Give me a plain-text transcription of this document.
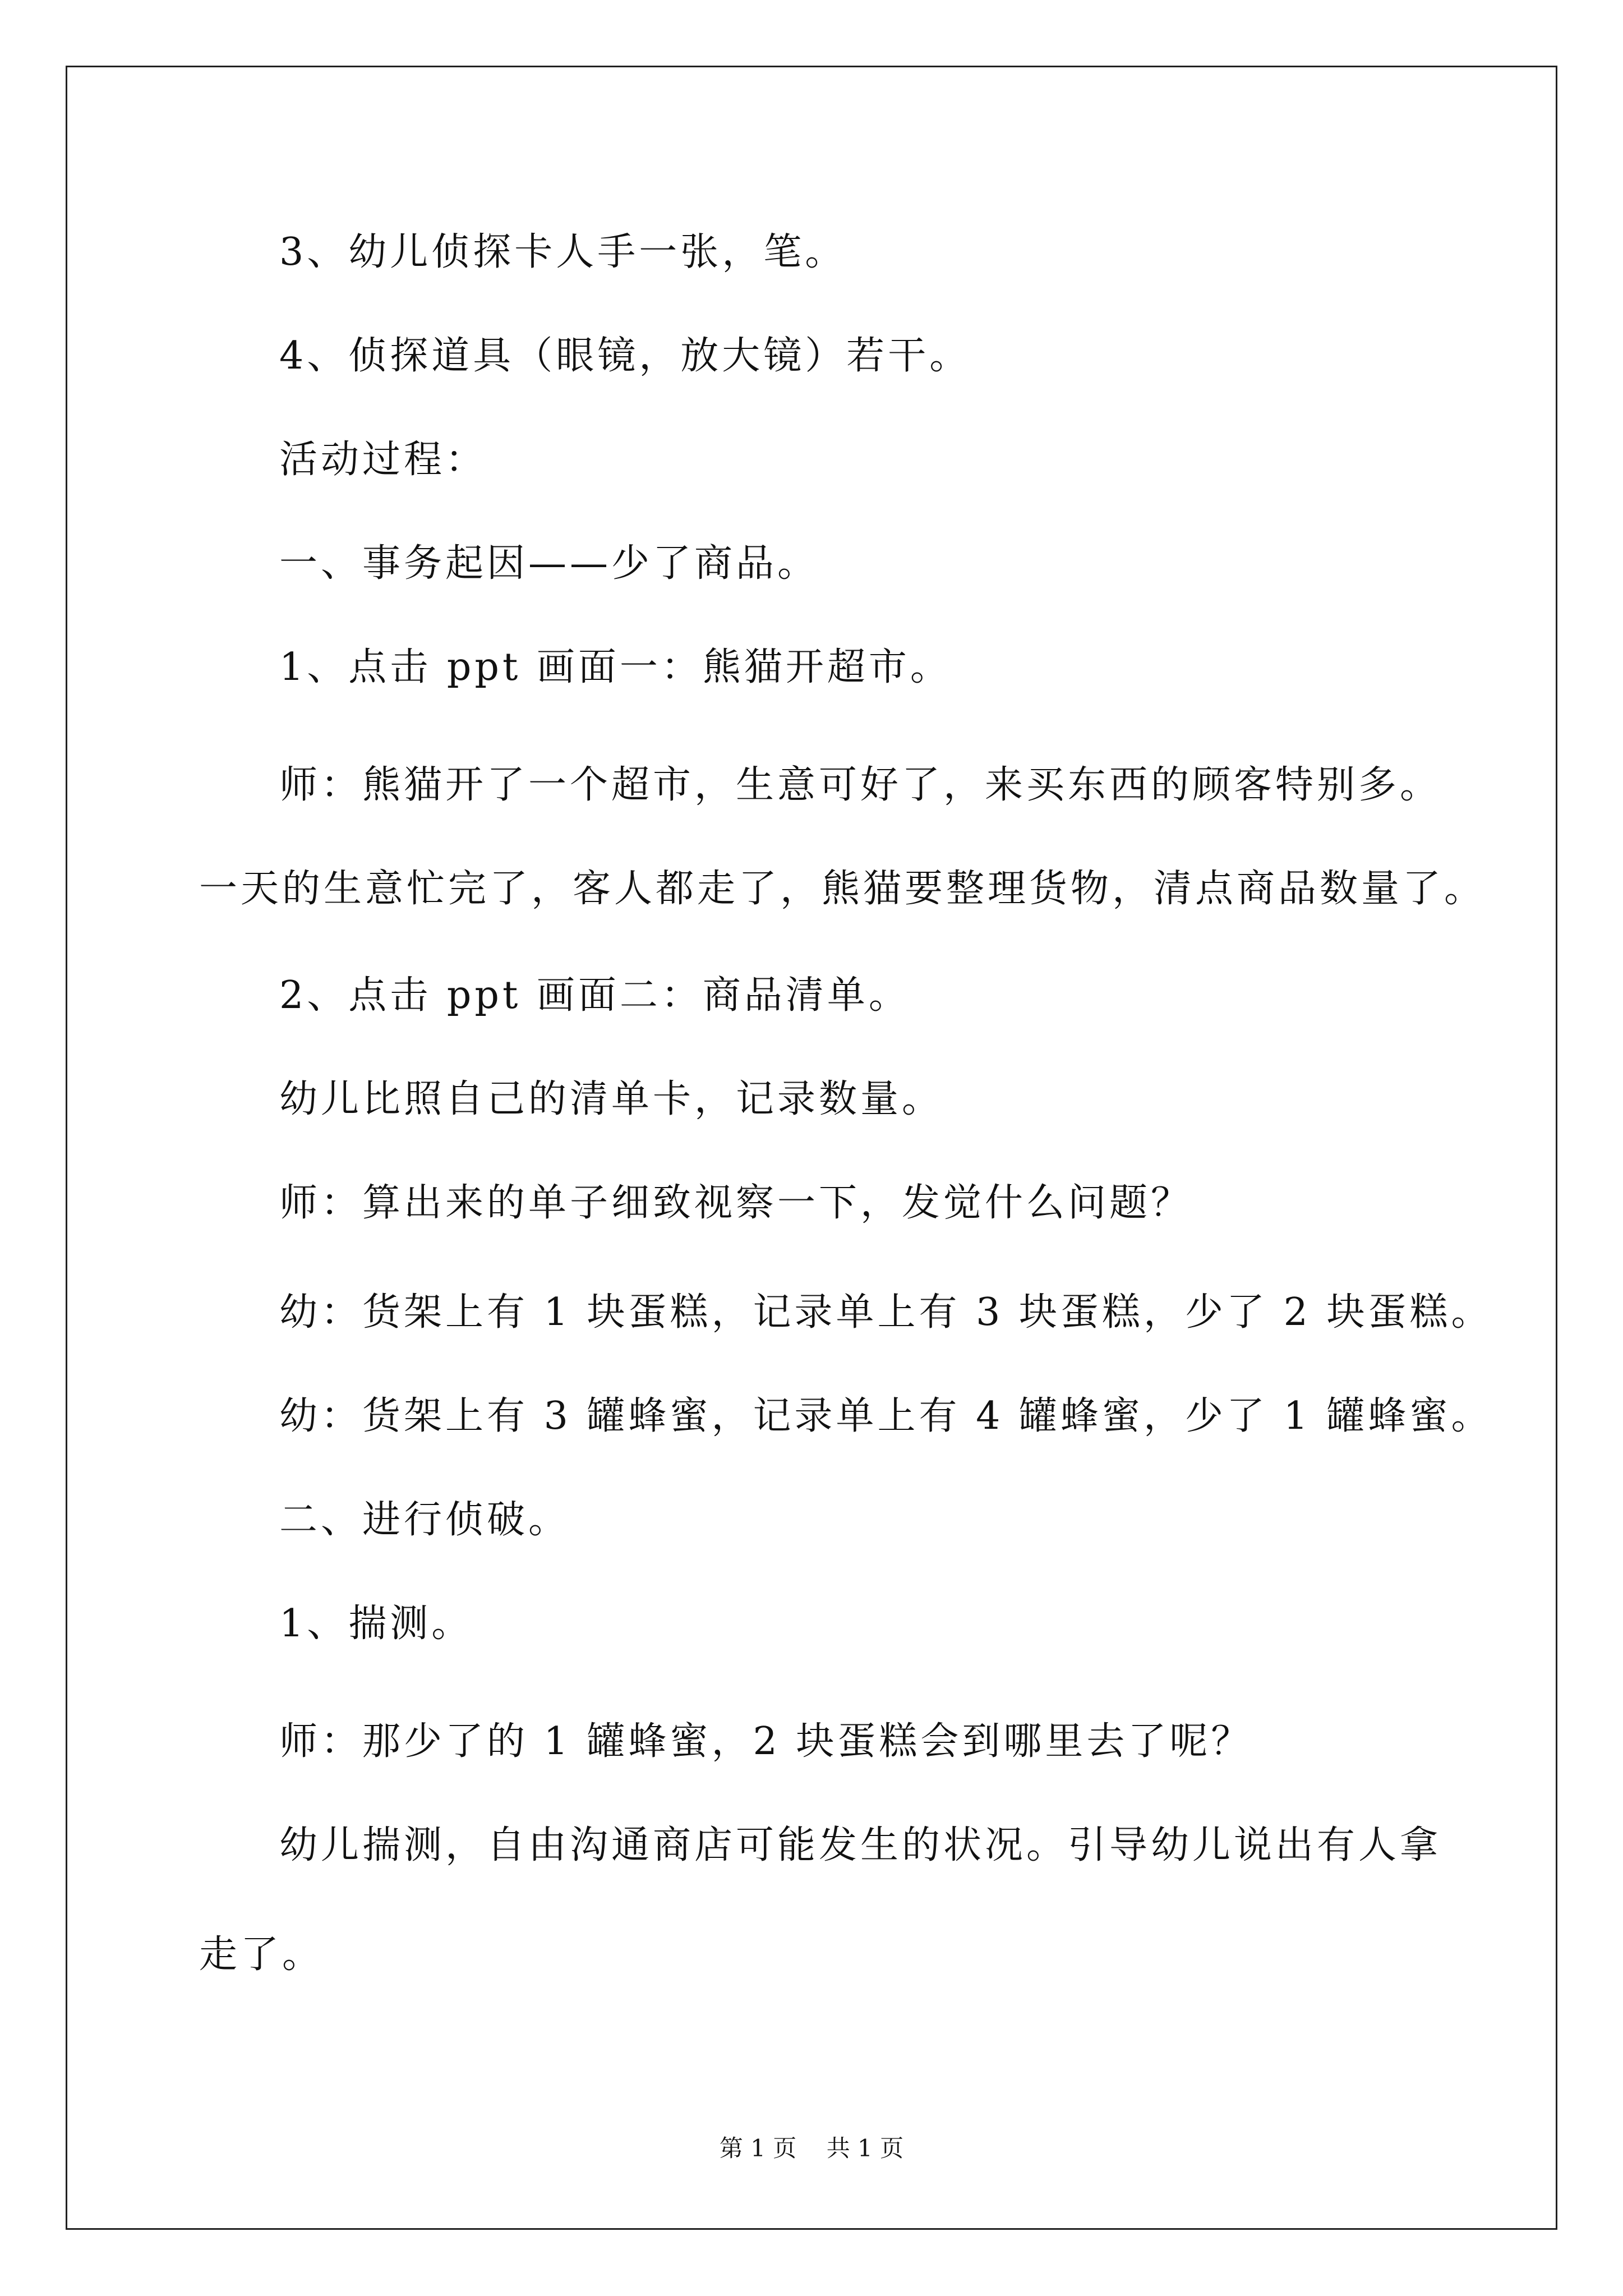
3、幼儿侦探卡人手一张，笔。
4、侦探道具（眼镜，放大镜）若干。
活动过程：
一、事务起因——少了商品。
1、点击 ppt 画面一：熊猫开超市。
师：熊猫开了一个超市，生意可好了，来买东西的顾客特别多。
一天的生意忙完了，客人都走了，熊猫要整理货物，清点商品数量了。
2、点击 ppt 画面二：商品清单。
幼儿比照自己的清单卡，记录数量。
师：算出来的单子细致视察一下，发觉什么问题？
幼：货架上有 1 块蛋糕，记录单上有 3 块蛋糕，少了 2 块蛋糕。
幼：货架上有 3 罐蜂蜜，记录单上有 4 罐蜂蜜，少了 1 罐蜂蜜。
二、进行侦破。
1、揣测。
师：那少了的 1 罐蜂蜜，2 块蛋糕会到哪里去了呢？
幼儿揣测，自由沟通商店可能发生的状况。引导幼儿说出有人拿
走了。
第 1 页    共 1 页
